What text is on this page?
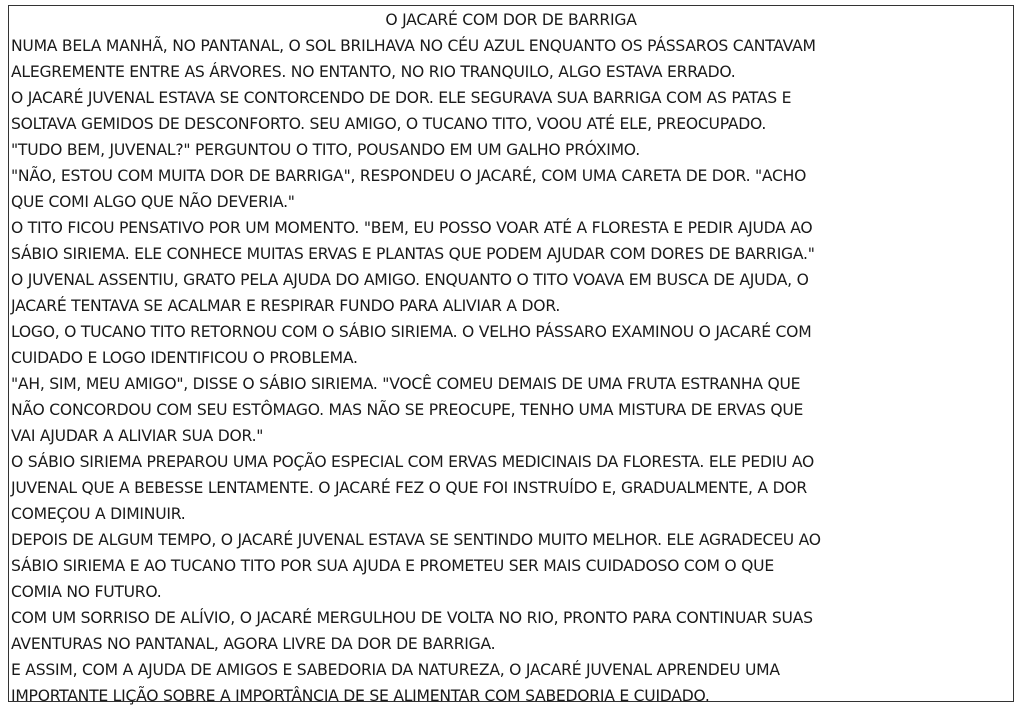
O JACARÉ COM DOR DE BARRIGA
NUMA BELA MANHÃ, NO PANTANAL, O SOL BRILHAVA NO CÉU AZUL ENQUANTO OS PÁSSAROS CANTAVAM
ALEGREMENTE ENTRE AS ÁRVORES. NO ENTANTO, NO RIO TRANQUILO, ALGO ESTAVA ERRADO.
O JACARÉ JUVENAL ESTAVA SE CONTORCENDO DE DOR. ELE SEGURAVA SUA BARRIGA COM AS PATAS E
SOLTAVA GEMIDOS DE DESCONFORTO. SEU AMIGO, O TUCANO TITO, VOOU ATÉ ELE, PREOCUPADO.
"TUDO BEM, JUVENAL?" PERGUNTOU O TITO, POUSANDO EM UM GALHO PRÓXIMO.
"NÃO, ESTOU COM MUITA DOR DE BARRIGA", RESPONDEU O JACARÉ, COM UMA CARETA DE DOR. "ACHO
QUE COMI ALGO QUE NÃO DEVERIA."
O TITO FICOU PENSATIVO POR UM MOMENTO. "BEM, EU POSSO VOAR ATÉ A FLORESTA E PEDIR AJUDA AO
SÁBIO SIRIEMA. ELE CONHECE MUITAS ERVAS E PLANTAS QUE PODEM AJUDAR COM DORES DE BARRIGA."
O JUVENAL ASSENTIU, GRATO PELA AJUDA DO AMIGO. ENQUANTO O TITO VOAVA EM BUSCA DE AJUDA, O
JACARÉ TENTAVA SE ACALMAR E RESPIRAR FUNDO PARA ALIVIAR A DOR.
LOGO, O TUCANO TITO RETORNOU COM O SÁBIO SIRIEMA. O VELHO PÁSSARO EXAMINOU O JACARÉ COM
CUIDADO E LOGO IDENTIFICOU O PROBLEMA.
"AH, SIM, MEU AMIGO", DISSE O SÁBIO SIRIEMA. "VOCÊ COMEU DEMAIS DE UMA FRUTA ESTRANHA QUE
NÃO CONCORDOU COM SEU ESTÔMAGO. MAS NÃO SE PREOCUPE, TENHO UMA MISTURA DE ERVAS QUE
VAI AJUDAR A ALIVIAR SUA DOR."
O SÁBIO SIRIEMA PREPAROU UMA POÇÃO ESPECIAL COM ERVAS MEDICINAIS DA FLORESTA. ELE PEDIU AO
JUVENAL QUE A BEBESSE LENTAMENTE. O JACARÉ FEZ O QUE FOI INSTRUÍDO E, GRADUALMENTE, A DOR
COMEÇOU A DIMINUIR.
DEPOIS DE ALGUM TEMPO, O JACARÉ JUVENAL ESTAVA SE SENTINDO MUITO MELHOR. ELE AGRADECEU AO
SÁBIO SIRIEMA E AO TUCANO TITO POR SUA AJUDA E PROMETEU SER MAIS CUIDADOSO COM O QUE
COMIA NO FUTURO.
COM UM SORRISO DE ALÍVIO, O JACARÉ MERGULHOU DE VOLTA NO RIO, PRONTO PARA CONTINUAR SUAS
AVENTURAS NO PANTANAL, AGORA LIVRE DA DOR DE BARRIGA.
E ASSIM, COM A AJUDA DE AMIGOS E SABEDORIA DA NATUREZA, O JACARÉ JUVENAL APRENDEU UMA
IMPORTANTE LIÇÃO SOBRE A IMPORTÂNCIA DE SE ALIMENTAR COM SABEDORIA E CUIDADO.
